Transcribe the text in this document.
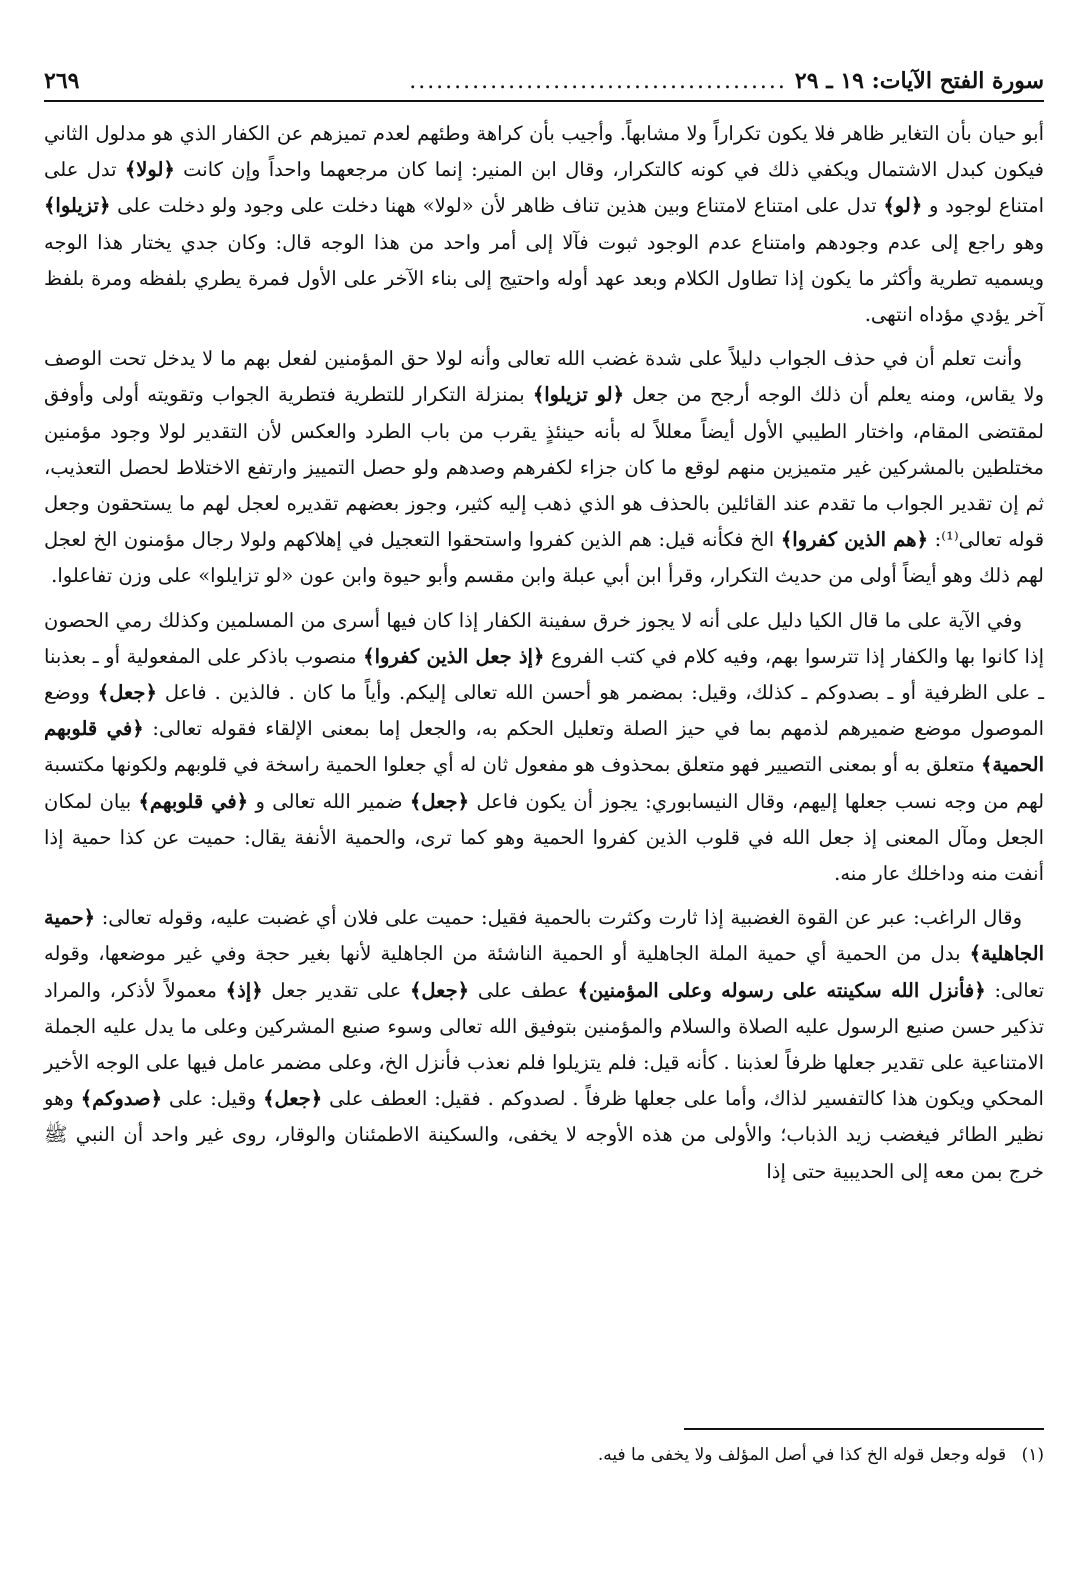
سورة الفتح الآيات: ١٩ ـ ٢٩
..........................................
٢٦٩

أبو حيان بأن التغاير ظاهر فلا يكون تكراراً ولا مشابهاً. وأجيب بأن كراهة وطئهم لعدم تميزهم عن الكفار الذي هو مدلول الثاني فيكون كبدل الاشتمال ويكفي ذلك في كونه كالتكرار، وقال ابن المنير: إنما كان مرجعهما واحداً وإن كانت ﴿لولا﴾ تدل على امتناع لوجود و ﴿لو﴾ تدل على امتناع لامتناع وبين هذين تناف ظاهر لأن «لولا» ههنا دخلت على وجود ولو دخلت على ﴿تزيلوا﴾ وهو راجع إلى عدم وجودهم وامتناع عدم الوجود ثبوت فآلا إلى أمر واحد من هذا الوجه قال: وكان جدي يختار هذا الوجه ويسميه تطرية وأكثر ما يكون إذا تطاول الكلام وبعد عهد أوله واحتيج إلى بناء الآخر على الأول فمرة يطري بلفظه ومرة بلفظ آخر يؤدي مؤداه انتهى.

وأنت تعلم أن في حذف الجواب دليلاً على شدة غضب الله تعالى وأنه لولا حق المؤمنين لفعل بهم ما لا يدخل تحت الوصف ولا يقاس، ومنه يعلم أن ذلك الوجه أرجح من جعل ﴿لو تزيلوا﴾ بمنزلة التكرار للتطرية فتطرية الجواب وتقويته أولى وأوفق لمقتضى المقام، واختار الطيبي الأول أيضاً معللاً له بأنه حينئذٍ يقرب من باب الطرد والعكس لأن التقدير لولا وجود مؤمنين مختلطين بالمشركين غير متميزين منهم لوقع ما كان جزاء لكفرهم وصدهم ولو حصل التمييز وارتفع الاختلاط لحصل التعذيب، ثم إن تقدير الجواب ما تقدم عند القائلين بالحذف هو الذي ذهب إليه كثير، وجوز بعضهم تقديره لعجل لهم ما يستحقون وجعل قوله تعالى⁽¹⁾: ﴿هم الذين كفروا﴾ الخ فكأنه قيل: هم الذين كفروا واستحقوا التعجيل في إهلاكهم ولولا رجال مؤمنون الخ لعجل لهم ذلك وهو أيضاً أولى من حديث التكرار، وقرأ ابن أبي عبلة وابن مقسم وأبو حيوة وابن عون «لو تزايلوا» على وزن تفاعلوا.

وفي الآية على ما قال الكيا دليل على أنه لا يجوز خرق سفينة الكفار إذا كان فيها أسرى من المسلمين وكذلك رمي الحصون إذا كانوا بها والكفار إذا تترسوا بهم، وفيه كلام في كتب الفروع ﴿إذ جعل الذين كفروا﴾ منصوب باذكر على المفعولية أو ـ بعذبنا ـ على الظرفية أو ـ بصدوكم ـ كذلك، وقيل: بمضمر هو أحسن الله تعالى إليكم. وأياً ما كان . فالذين . فاعل ﴿جعل﴾ ووضع الموصول موضع ضميرهم لذمهم بما في حيز الصلة وتعليل الحكم به، والجعل إما بمعنى الإلقاء فقوله تعالى: ﴿في قلوبهم الحمية﴾ متعلق به أو بمعنى التصيير فهو متعلق بمحذوف هو مفعول ثان له أي جعلوا الحمية راسخة في قلوبهم ولكونها مكتسبة لهم من وجه نسب جعلها إليهم، وقال النيسابوري: يجوز أن يكون فاعل ﴿جعل﴾ ضمير الله تعالى و ﴿في قلوبهم﴾ بيان لمكان الجعل ومآل المعنى إذ جعل الله في قلوب الذين كفروا الحمية وهو كما ترى، والحمية الأنفة يقال: حميت عن كذا حمية إذا أنفت منه وداخلك عار منه.

وقال الراغب: عبر عن القوة الغضبية إذا ثارت وكثرت بالحمية فقيل: حميت على فلان أي غضبت عليه، وقوله تعالى: ﴿حمية الجاهلية﴾ بدل من الحمية أي حمية الملة الجاهلية أو الحمية الناشئة من الجاهلية لأنها بغير حجة وفي غير موضعها، وقوله تعالى: ﴿فأنزل الله سكينته على رسوله وعلى المؤمنين﴾ عطف على ﴿جعل﴾ على تقدير جعل ﴿إذ﴾ معمولاً لأذكر، والمراد تذكير حسن صنيع الرسول عليه الصلاة والسلام والمؤمنين بتوفيق الله تعالى وسوء صنيع المشركين وعلى ما يدل عليه الجملة الامتناعية على تقدير جعلها ظرفاً لعذبنا . كأنه قيل: فلم يتزيلوا فلم نعذب فأنزل الخ، وعلى مضمر عامل فيها على الوجه الأخير المحكي ويكون هذا كالتفسير لذاك، وأما على جعلها ظرفاً . لصدوكم . فقيل: العطف على ﴿جعل﴾ وقيل: على ﴿صدوكم﴾ وهو نظير الطائر فيغضب زيد الذباب؛ والأولى من هذه الأوجه لا يخفى، والسكينة الاطمئنان والوقار، روى غير واحد أن النبي ﷺ خرج بمن معه إلى الحديبية حتى إذا

(١) قوله وجعل قوله الخ كذا في أصل المؤلف ولا يخفى ما فيه.
